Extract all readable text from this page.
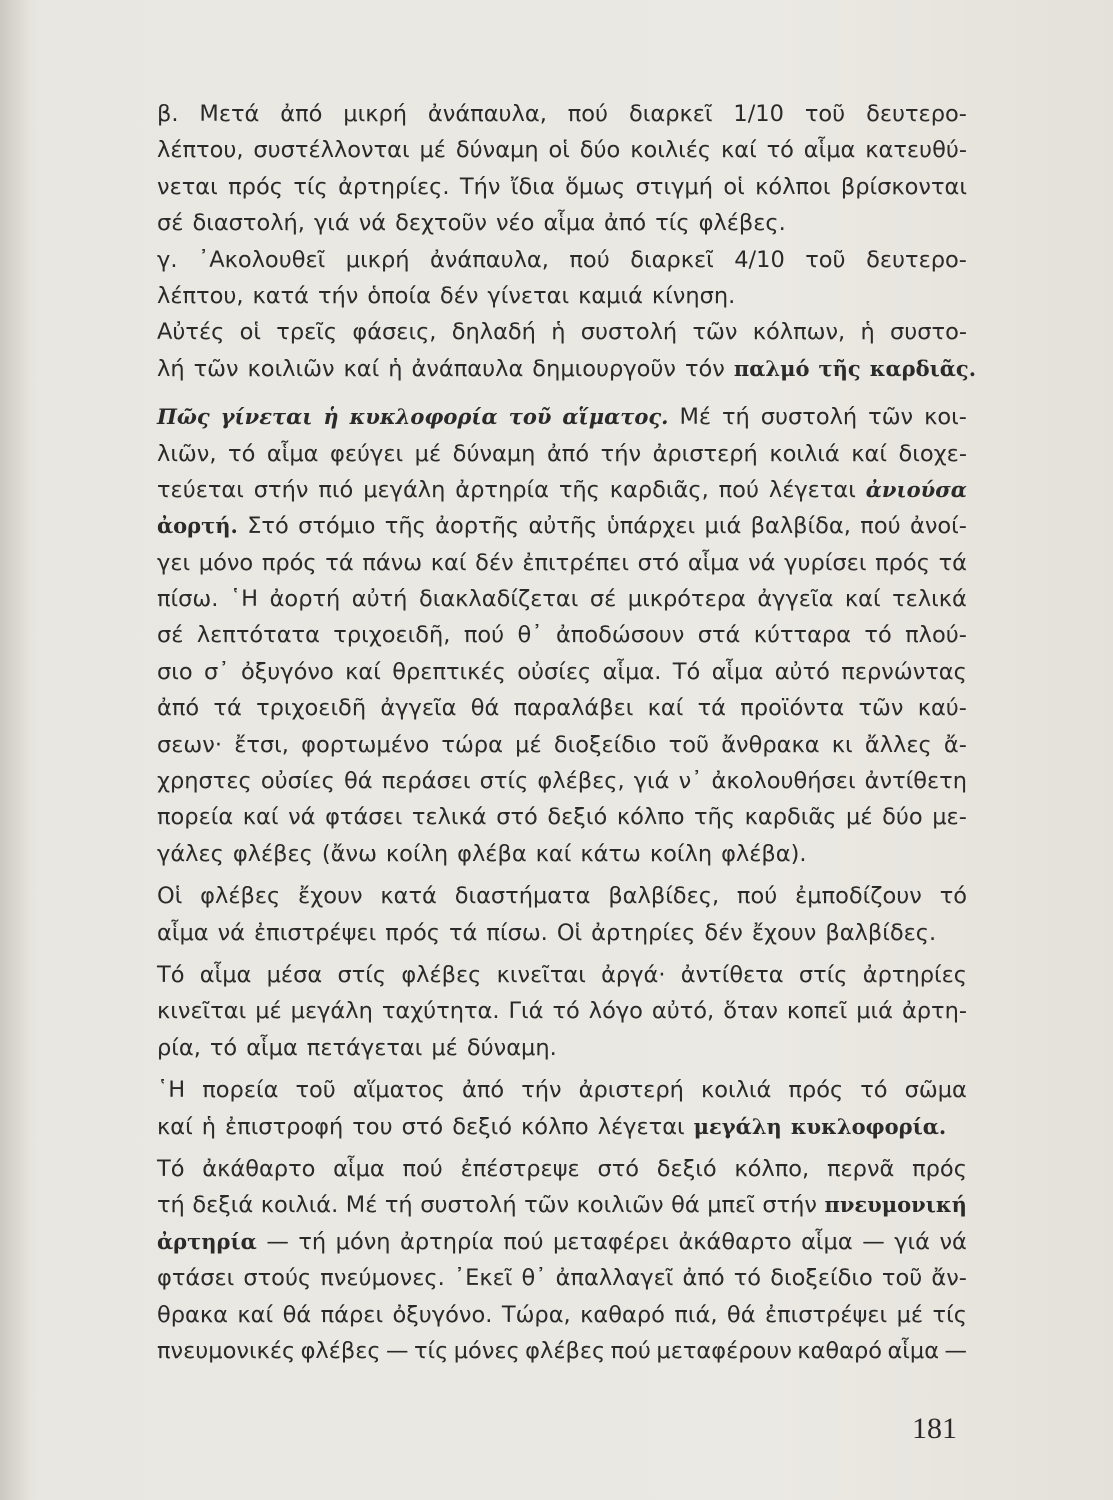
β. Μετά ἀπό μικρή ἀνάπαυλα, πού διαρκεῖ 1/10 τοῦ δευτερο-
λέπτου, συστέλλονται μέ δύναμη οἱ δύο κοιλιές καί τό αἷμα κατευθύ-
νεται πρός τίς ἀρτηρίες. Τήν ἴδια ὅμως στιγμή οἱ κόλποι βρίσκονται
σέ διαστολή, γιά νά δεχτοῦν νέο αἷμα ἀπό τίς φλέβες.
γ. ᾿Ακολουθεῖ μικρή ἀνάπαυλα, πού διαρκεῖ 4/10 τοῦ δευτερο-
λέπτου, κατά τήν ὁποία δέν γίνεται καμιά κίνηση.
Αὐτές οἱ τρεῖς φάσεις, δηλαδή ἡ συστολή τῶν κόλπων, ἡ συστο-
λή τῶν κοιλιῶν καί ἡ ἀνάπαυλα δημιουργοῦν τόν παλμό τῆς καρδιᾶς.
Πῶς γίνεται ἡ κυκλοφορία τοῦ αἵματος. Μέ τή συστολή τῶν κοι-
λιῶν, τό αἷμα φεύγει μέ δύναμη ἀπό τήν ἀριστερή κοιλιά καί διοχε-
τεύεται στήν πιό μεγάλη ἀρτηρία τῆς καρδιᾶς, πού λέγεται ἀνιούσα
ἀορτή. Στό στόμιο τῆς ἀορτῆς αὐτῆς ὑπάρχει μιά βαλβίδα, πού ἀνοί-
γει μόνο πρός τά πάνω καί δέν ἐπιτρέπει στό αἷμα νά γυρίσει πρός τά
πίσω. ῾Η ἀορτή αὐτή διακλαδίζεται σέ μικρότερα ἀγγεῖα καί τελικά
σέ λεπτότατα τριχοειδῆ, πού θ᾿ ἀποδώσουν στά κύτταρα τό πλού-
σιο σ᾿ ὀξυγόνο καί θρεπτικές οὐσίες αἷμα. Τό αἷμα αὐτό περνώντας
ἀπό τά τριχοειδῆ ἀγγεῖα θά παραλάβει καί τά προϊόντα τῶν καύ-
σεων· ἔτσι, φορτωμένο τώρα μέ διοξείδιο τοῦ ἄνθρακα κι ἄλλες ἄ-
χρηστες οὐσίες θά περάσει στίς φλέβες, γιά ν᾿ ἀκολουθήσει ἀντίθετη
πορεία καί νά φτάσει τελικά στό δεξιό κόλπο τῆς καρδιᾶς μέ δύο με-
γάλες φλέβες (ἄνω κοίλη φλέβα καί κάτω κοίλη φλέβα).
Οἱ φλέβες ἔχουν κατά διαστήματα βαλβίδες, πού ἐμποδίζουν τό
αἷμα νά ἐπιστρέψει πρός τά πίσω. Οἱ ἀρτηρίες δέν ἔχουν βαλβίδες.
Τό αἷμα μέσα στίς φλέβες κινεῖται ἀργά· ἀντίθετα στίς ἀρτηρίες
κινεῖται μέ μεγάλη ταχύτητα. Γιά τό λόγο αὐτό, ὅταν κοπεῖ μιά ἀρτη-
ρία, τό αἷμα πετάγεται μέ δύναμη.
῾Η πορεία τοῦ αἵματος ἀπό τήν ἀριστερή κοιλιά πρός τό σῶμα
καί ἡ ἐπιστροφή του στό δεξιό κόλπο λέγεται μεγάλη κυκλοφορία.
Τό ἀκάθαρτο αἷμα πού ἐπέστρεψε στό δεξιό κόλπο, περνᾶ πρός
τή δεξιά κοιλιά. Μέ τή συστολή τῶν κοιλιῶν θά μπεῖ στήν πνευμονική
ἀρτηρία — τή μόνη ἀρτηρία πού μεταφέρει ἀκάθαρτο αἷμα — γιά νά
φτάσει στούς πνεύμονες. ᾿Εκεῖ θ᾿ ἀπαλλαγεῖ ἀπό τό διοξείδιο τοῦ ἄν-
θρακα καί θά πάρει ὀξυγόνο. Τώρα, καθαρό πιά, θά ἐπιστρέψει μέ τίς
πνευμονικές φλέβες — τίς μόνες φλέβες πού μεταφέρουν καθαρό αἷμα —
181
